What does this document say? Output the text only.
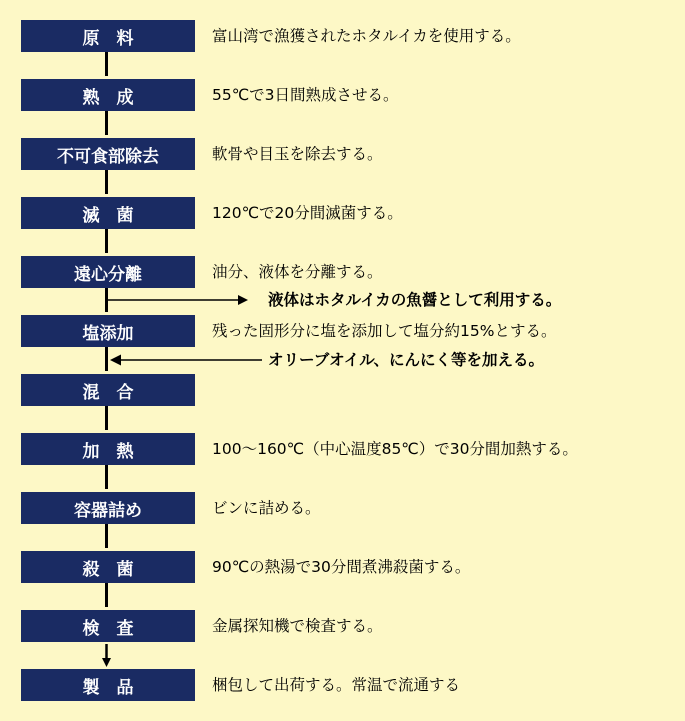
原　料
熟　成
不可食部除去
滅　菌
遠心分離
塩添加
混　合
加　熱
容器詰め
殺　菌
検　査
製　品
富山湾で漁獲されたホタルイカを使用する。
55℃で3日間熟成させる。
軟骨や目玉を除去する。
120℃で20分間滅菌する。
油分、液体を分離する。
残った固形分に塩を添加して塩分約15%とする。
100～160℃（中心温度85℃）で30分間加熱する。
ビンに詰める。
90℃の熱湯で30分間煮沸殺菌する。
金属探知機で検査する。
梱包して出荷する。常温で流通する
液体はホタルイカの魚醤として利用する。
オリーブオイル、にんにく等を加える。
